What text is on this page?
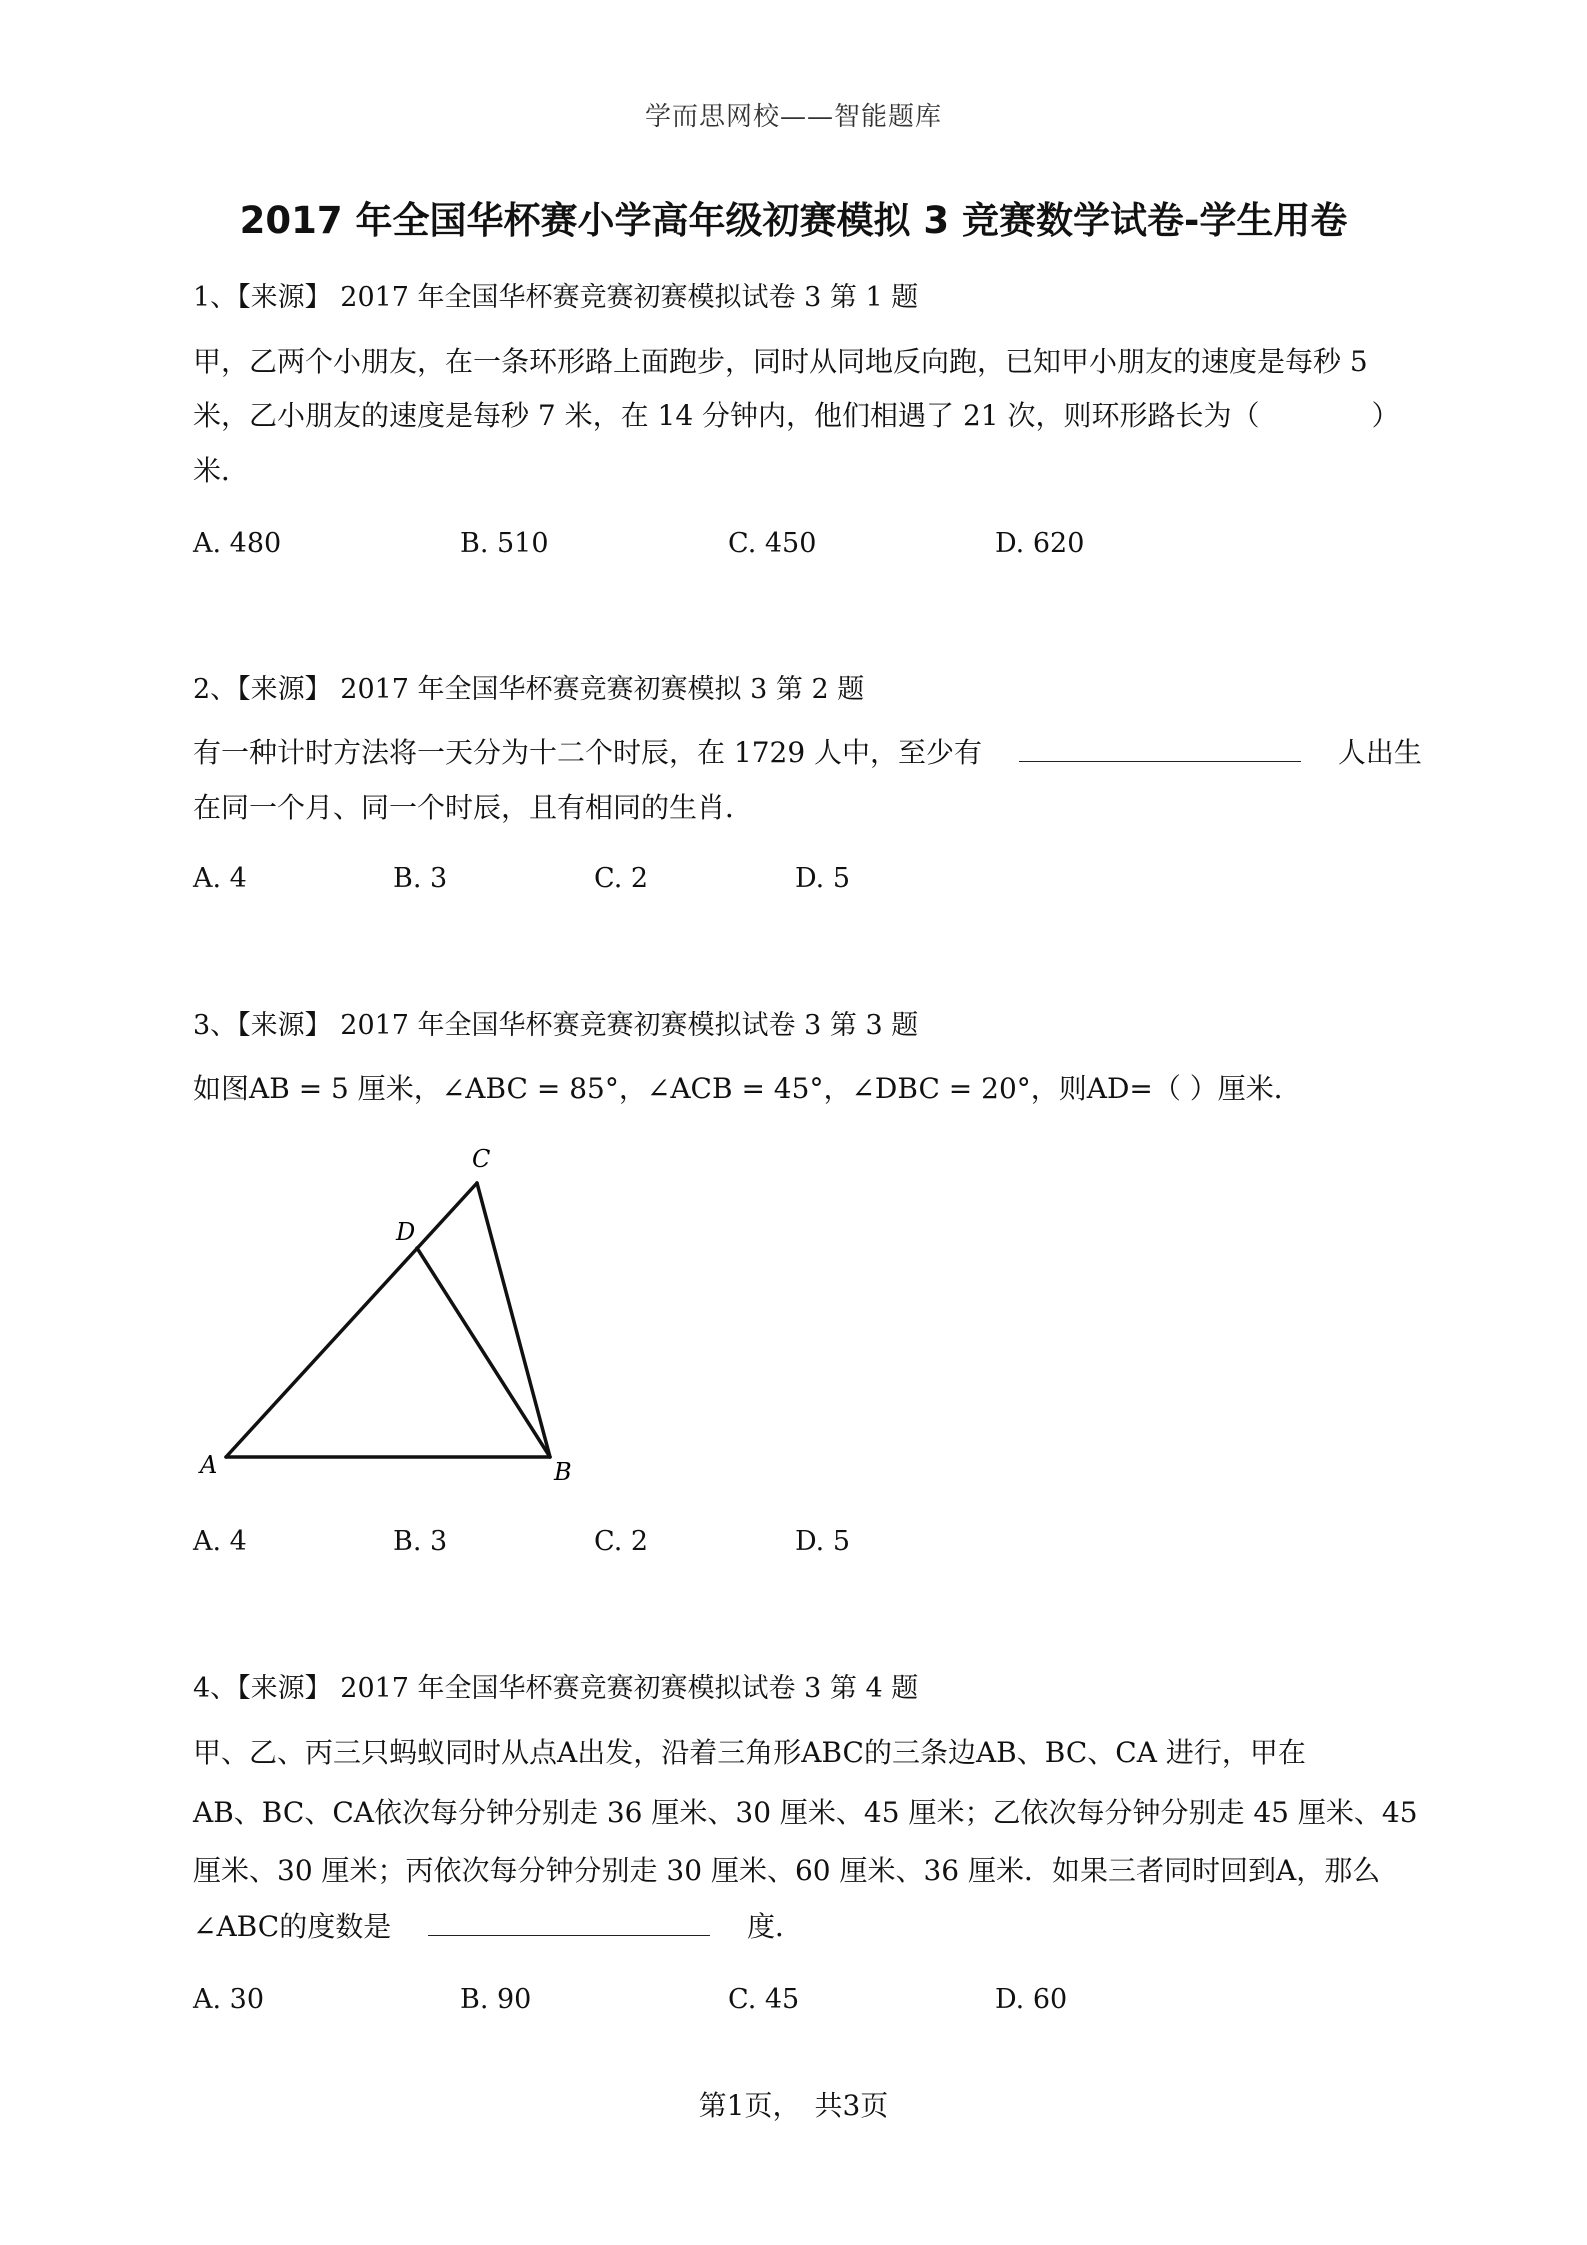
学而思网校——智能题库
2017 年全国华杯赛小学高年级初赛模拟 3 竞赛数学试卷-学生用卷
1、【来源】 2017 年全国华杯赛竞赛初赛模拟试卷 3 第 1 题
甲，乙两个小朋友，在一条环形路上面跑步，同时从同地反向跑，已知甲小朋友的速度是每秒 5
米，乙小朋友的速度是每秒 7 米，在 14 分钟内，他们相遇了 21 次，则环形路长为（　　　　）
米．
A. 480	B. 510	C. 450	D. 620
2、【来源】 2017 年全国华杯赛竞赛初赛模拟 3 第 2 题
有一种计时方法将一天分为十二个时辰，在 1729 人中，至少有	人出生
在同一个月、同一个时辰，且有相同的生肖．
A. 4	B. 3	C. 2	D. 5
3、【来源】 2017 年全国华杯赛竞赛初赛模拟试卷 3 第 3 题
如图AB = 5 厘米，∠ABC = 85°，∠ACB = 45°，∠DBC = 20°，则AD=（ ）厘米．
A	B
C
D
A. 4	B. 3	C. 2	D. 5
4、【来源】 2017 年全国华杯赛竞赛初赛模拟试卷 3 第 4 题
甲、乙、丙三只蚂蚁同时从点A出发，沿着三角形ABC的三条边AB、BC、CA 进行，甲在
AB、BC、CA依次每分钟分别走 36 厘米、30 厘米、45 厘米；乙依次每分钟分别走 45 厘米、45
厘米、30 厘米；丙依次每分钟分别走 30 厘米、60 厘米、36 厘米．如果三者同时回到A，那么
∠ABC的度数是	度．
A. 30	B. 90	C. 45	D. 60
第1页，　共3页
